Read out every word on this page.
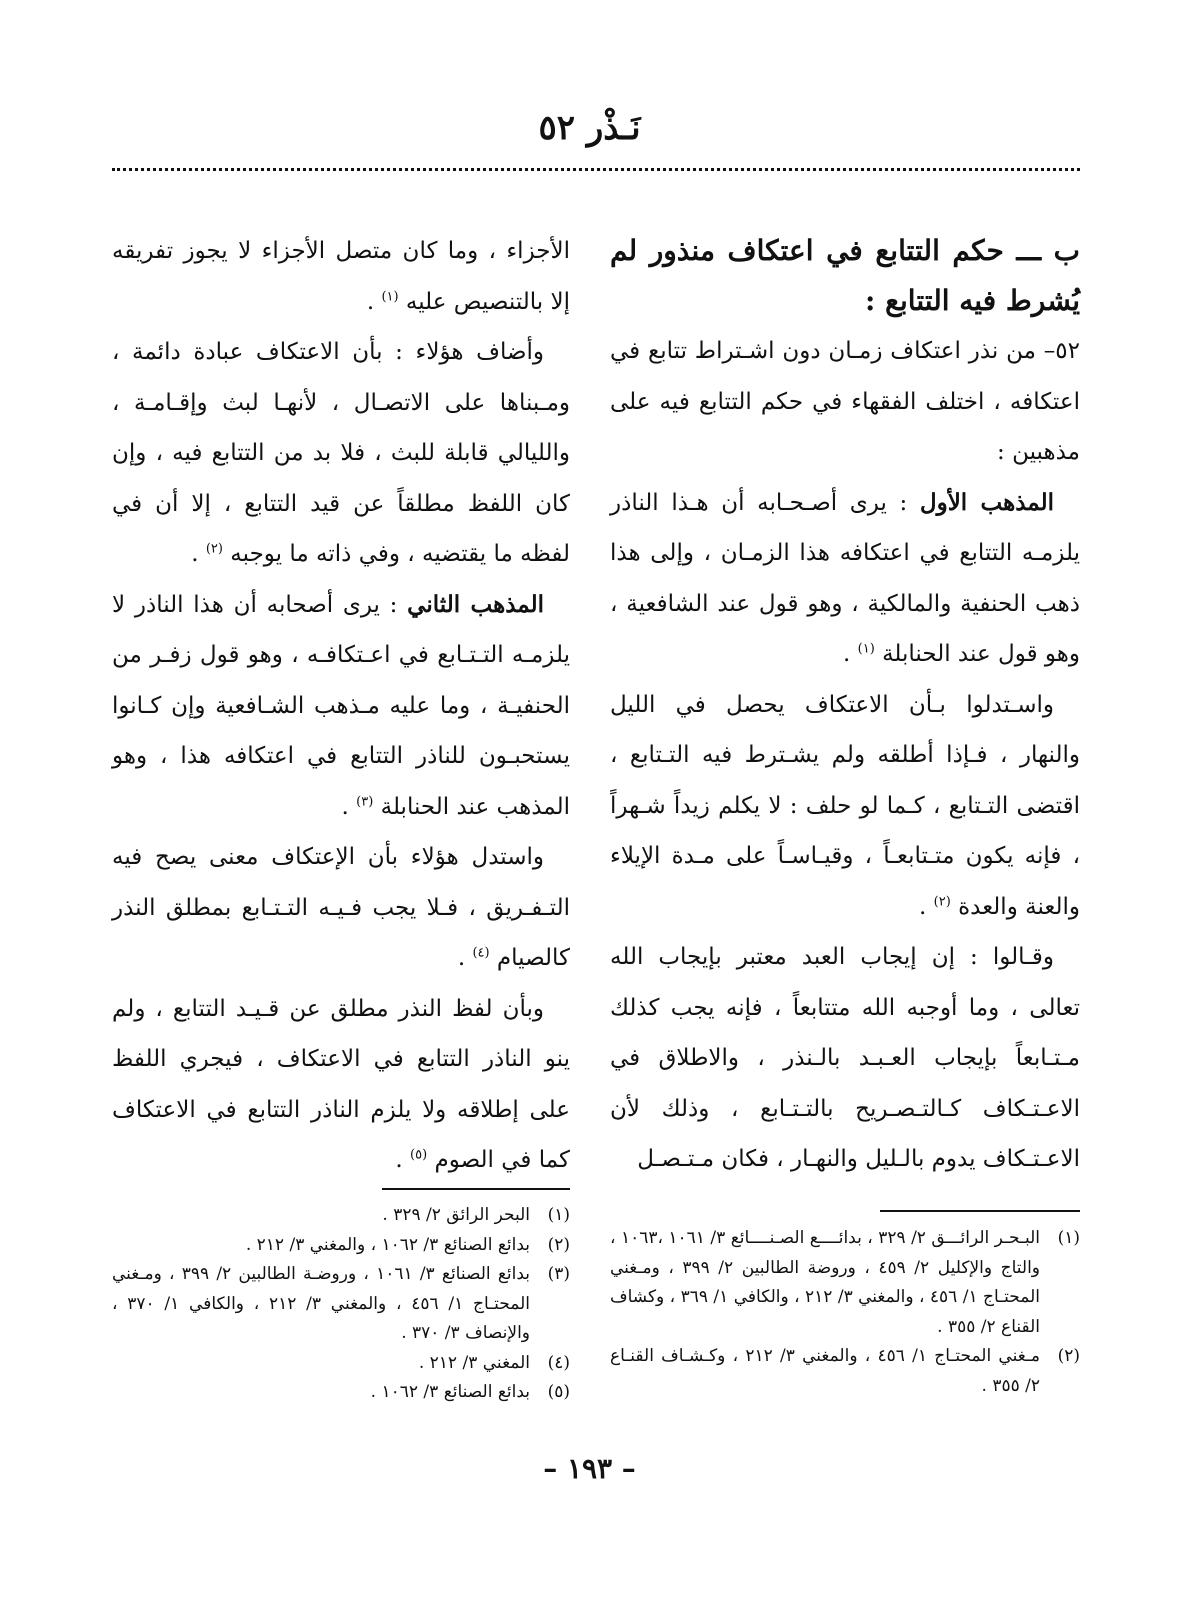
نَـذْر ٥٢

ب ـــ حكم التتابع في اعتكاف منذور لم يُشرط فيه التتابع :

٥٢– من نذر اعتكاف زمـان دون اشـتراط تتابع في اعتكافه ، اختلف الفقهاء في حكم التتابع فيه على مذهبين :

المذهب الأول : يرى أصـحـابه أن هـذا الناذر يلزمـه التتابع في اعتكافه هذا الزمـان ، وإلى هذا ذهب الحنفية والمالكية ، وهو قول عند الشافعية ، وهو قول عند الحنابلة $^{(١)}$ .

واسـتدلوا بـأن الاعتكاف يحصل في الليل والنهار ، فـإذا أطلقه ولم يشـترط فيه التـتابع ، اقتضى التـتابع ، كـما لو حلف : لا يكلم زيداً شـهراً ، فإنه يكون متـتابعـاً ، وقيـاسـاً على مـدة الإيلاء والعنة والعدة $^{(٢)}$ .

وقـالوا : إن إيجاب العبد معتبر بإيجاب الله تعالى ، وما أوجبه الله متتابعاً ، فإنه يجب كذلك مـتـابعاً بإيجاب العـبـد بالـنذر ، والاطلاق في الاعـتـكاف كـالتـصـريح بالتـتـابع ، وذلك لأن الاعـتـكاف يدوم بالـليل والنهـار ، فكان مـتـصـل

الأجزاء ، وما كان متصل الأجزاء لا يجوز تفريقه إلا بالتنصيص عليه $^{(١)}$ .

وأضاف هؤلاء : بأن الاعتكاف عبادة دائمة ، ومـبناها على الاتصـال ، لأنهـا لبث وإقـامـة ، والليالي قابلة للبث ، فلا بد من التتابع فيه ، وإن كان اللفظ مطلقاً عن قيد التتابع ، إلا أن في لفظه ما يقتضيه ، وفي ذاته ما يوجبه $^{(٢)}$ .

المذهب الثاني : يرى أصحابه أن هذا الناذر لا يلزمـه التـتـابع في اعـتكافـه ، وهو قول زفـر من الحنفيـة ، وما عليه مـذهب الشـافعية وإن كـانوا يستحبـون للناذر التتابع في اعتكافه هذا ، وهو المذهب عند الحنابلة $^{(٣)}$ .

واستدل هؤلاء بأن الإعتكاف معنى يصح فيه التـفـريق ، فـلا يجب فـيـه التـتـابع بمطلق النذر كالصيام $^{(٤)}$ .

وبأن لفظ النذر مطلق عن قـيـد التتابع ، ولم ينو الناذر التتابع في الاعتكاف ، فيجري اللفظ على إطلاقه ولا يلزم الناذر التتابع في الاعتكاف كما في الصوم $^{(٥)}$ .

(١)
البـحـر الرائـــق ٢/ ٣٢٩ ، بدائــــع الصـنــــائع ٣/ ١٠٦١ ،١٠٦٣ ، والتاج والإكليل ٢/ ٤٥٩ ، وروضة الطالبين ٢/ ٣٩٩ ، ومـغني المحتـاج ١/ ٤٥٦ ، والمغني ٣/ ٢١٢ ، والكافي ١/ ٣٦٩ ، وكشاف القناع ٢/ ٣٥٥ .
(٢)
مـغني المحتـاج ١/ ٤٥٦ ، والمغني ٣/ ٢١٢ ، وكـشـاف القنـاع ٢/ ٣٥٥ .
(١)
البحر الرائق ٢/ ٣٢٩ .
(٢)
بدائع الصنائع ٣/ ١٠٦٢ ، والمغني ٣/ ٢١٢ .
(٣)
بدائع الصنائع ٣/ ١٠٦١ ، وروضـة الطالبين ٢/ ٣٩٩ ، ومـغني المحتـاج ١/ ٤٥٦ ، والمغني ٣/ ٢١٢ ، والكافي ١/ ٣٧٠ ، والإنصاف ٣/ ٣٧٠ .
(٤)
المغني ٣/ ٢١٢ .
(٥)
بدائع الصنائع ٣/ ١٠٦٢ .
– ١٩٣ –
